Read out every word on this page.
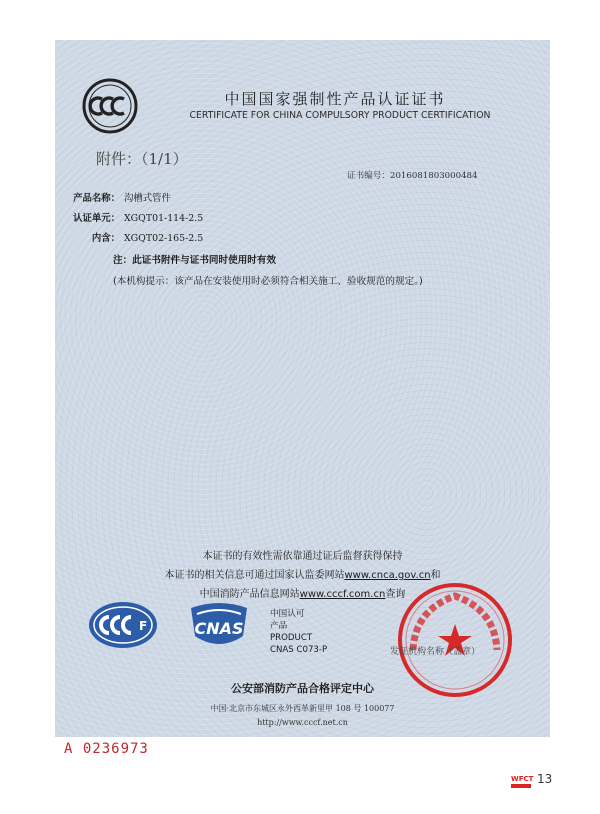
中国国家强制性产品认证证书
CERTIFICATE FOR CHINA COMPULSORY PRODUCT CERTIFICATION
附件：（1/1）
证书编号：2016081803000484
产品名称： 沟槽式管件
认证单元： XGQT01-114-2.5
内含： XGQT02-165-2.5
注：此证书附件与证书同时使用时有效
(本机构提示：该产品在安装使用时必须符合相关施工、验收规范的规定。)
本证书的有效性需依靠通过证后监督获得保持
本证书的相关信息可通过国家认监委网站www.cnca.gov.cn和
中国消防产品信息网站www.cccf.com.cn查询
F	CNAS
中国认可
产品
PRODUCT
CNAS C073-P	发证机构名称（盖章）
公安部消防产品合格评定中心
中国·北京市东城区永外西革新里甲 108 号 100077
http://www.cccf.net.cn
A 0236973
WFCT 13
